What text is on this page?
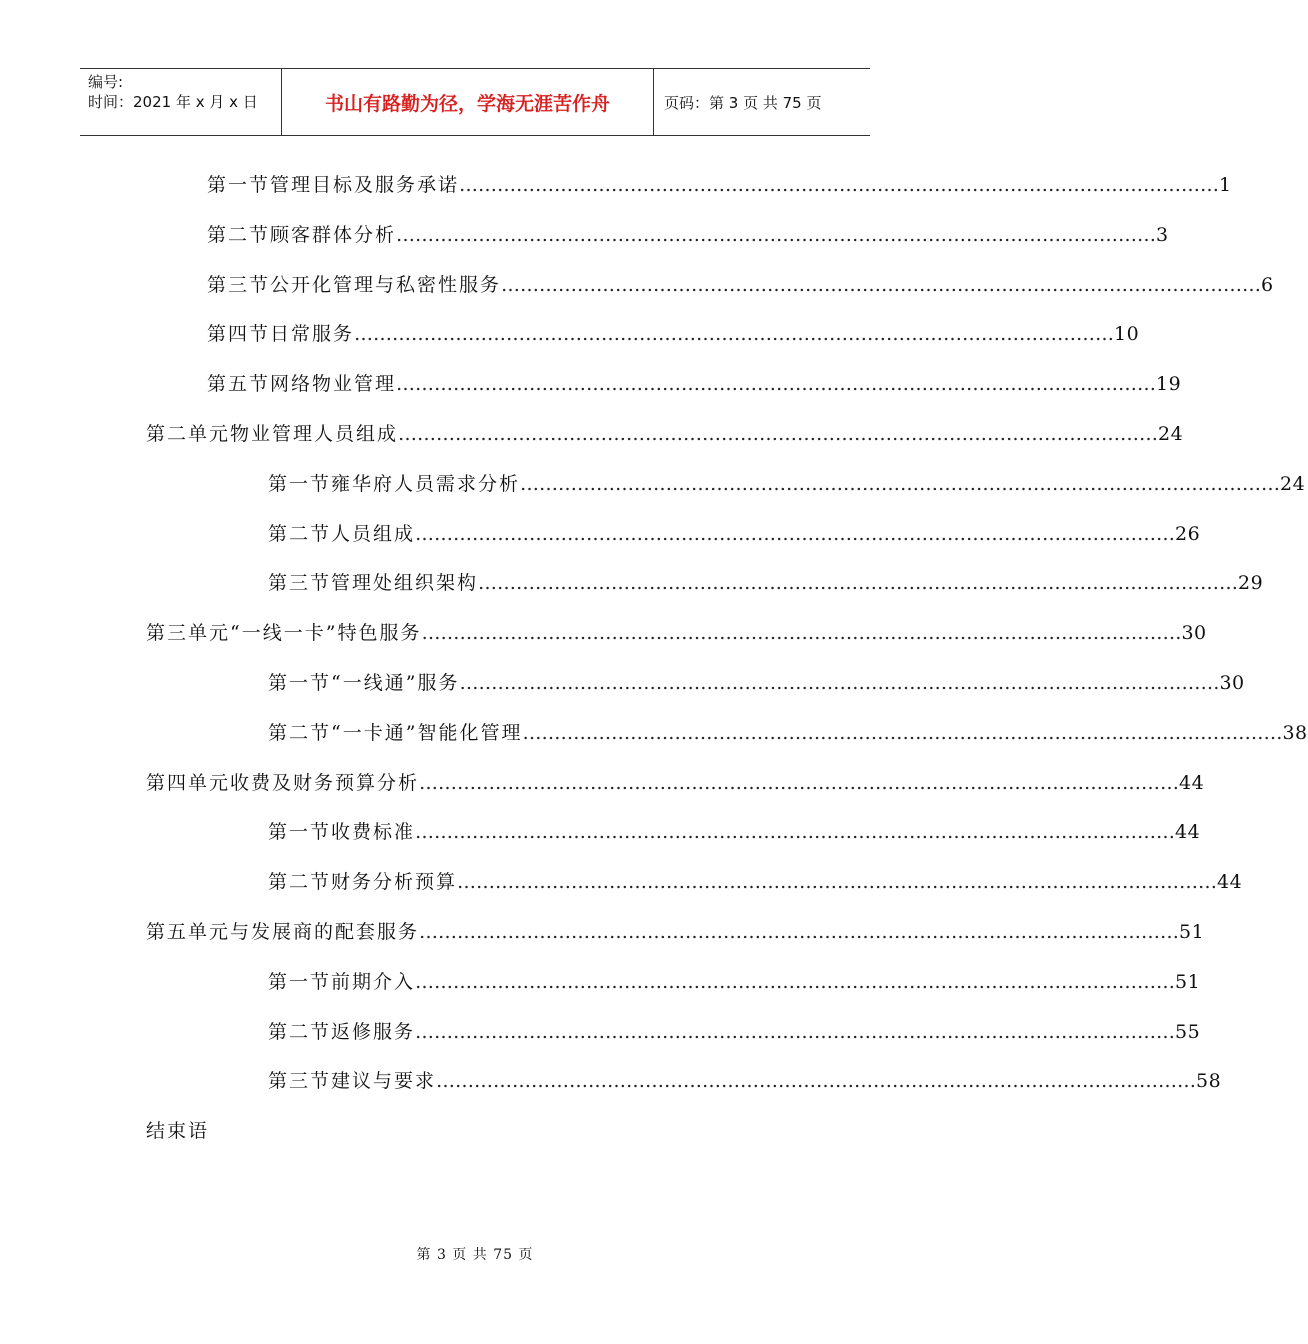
编号:
时间：2021 年 x 月 x 日	书山有路勤为径，学海无涯苦作舟	页码：第 3 页 共 75 页
第一节 管理目标及服务承诺 ………………………………………………………………………………………………………… 1
第二节 顾客群体分析 ………………………………………………………………………………………………………… 3
第三节 公开化管理与私密性服务 ………………………………………………………………………………………………………… 6
第四节 日常服务 ………………………………………………………………………………………………………… 10
第五节 网络物业管理 ………………………………………………………………………………………………………… 19
第二单元 物业管理人员组成 ………………………………………………………………………………………………………… 24
第一节 雍华府人员需求分析 ………………………………………………………………………………………………………… 24
第二节 人员组成 ………………………………………………………………………………………………………… 26
第三节 管理处组织架构 ………………………………………………………………………………………………………… 29
第三单元 “一线一卡”特色服务 ………………………………………………………………………………………………………… 30
第一节 “一线通”服务 ………………………………………………………………………………………………………… 30
第二节 “一卡通”智能化管理 ………………………………………………………………………………………………………… 38
第四单元 收费及财务预算分析 ………………………………………………………………………………………………………… 44
第一节 收费标准 ………………………………………………………………………………………………………… 44
第二节 财务分析预算 ………………………………………………………………………………………………………… 44
第五单元 与发展商的配套服务 ………………………………………………………………………………………………………… 51
第一节 前期介入 ………………………………………………………………………………………………………… 51
第二节 返修服务 ………………………………………………………………………………………………………… 55
第三节 建议与要求 ………………………………………………………………………………………………………… 58
结束语
第 3 页 共 75 页
